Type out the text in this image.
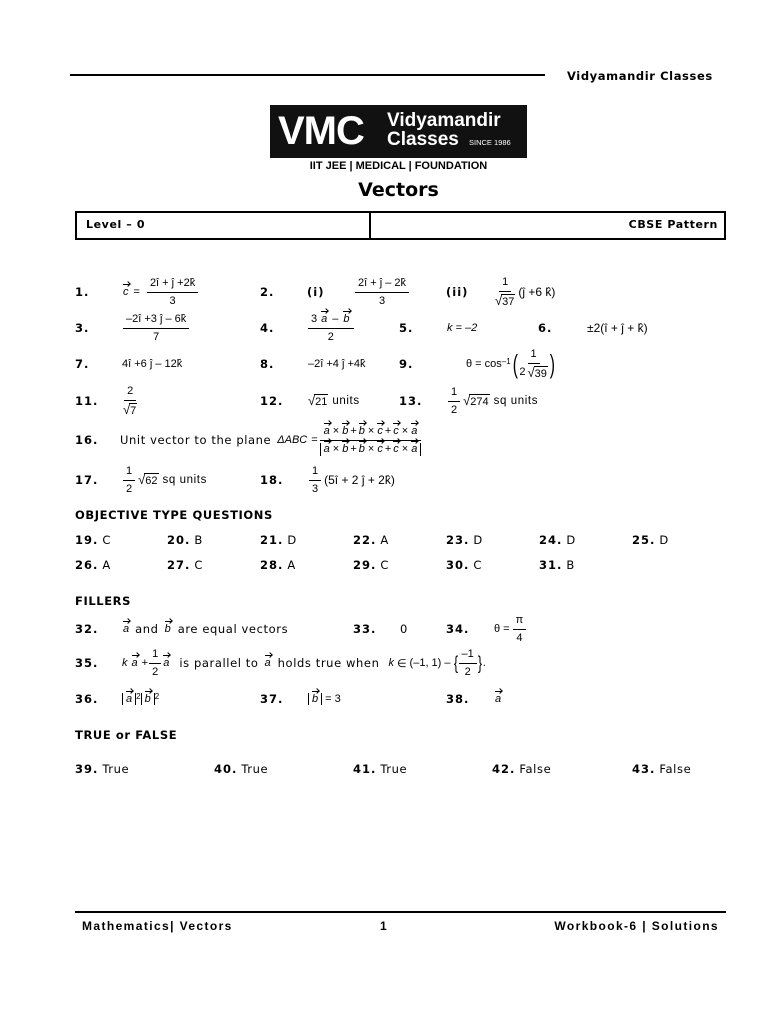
Vidyamandir Classes
VMC Vidyamandir
Classes SINCE 1986
IIT JEE | MEDICAL | FOUNDATION
Vectors
Level – 0	CBSE Pattern
1.	$c = \frac{2î + ĵ +2k̂}{3}$	2.	(i)	$\frac{2î + ĵ - 2k̂}{3}$	$(ii) \frac{1}{√ 37}$ (ĵ +6 k̂)
3.	$\frac{-2î +3 ĵ - 6k̂}{7}$	4.	$\frac{3 a - b}{2}$	5.	k = –2	6.	±2(î + ĵ + k̂)
7.	4î +6 ĵ – 12k̂	8.	–2î +4 ĵ +4k̂	9.	$\theta = \cos^{-1}$ ( $\frac{1}{2 √ 39}$ )
11. $\frac{2}{√ 7}$	12. √ 21 units	13. $\frac{1}{2}$ √ 274 sq units
16. Unit vector to the plane ΔABC =
a × b + b × c + c × a
a × b + b × c + c × a
17. $\frac{1}{2}$ √ 62 sq units	18. $\frac{1}{3}$ (5î + 2 ĵ + 2k̂)
OBJECTIVE TYPE QUESTIONS
19. C	20. B	21. D	22. A	23. D	24. D	25. D
26. A	27. C	28. A	29. C	30. C	31. B
FILLERS
32. a and b are equal vectors	33. 0	34. $\theta = \frac{\pi}{4}$
35. k $a + \frac{1}{2}$ a is parallel to a holds true when k ∈ (–1, 1) – { $\frac{-1}{2}$ } .
36.	a $^2$ b $^2$	37.	b = 3	38. a
TRUE or FALSE
39. True	40. True	41. True	42. False	43. False
Mathematics| Vectors	1	Workbook-6 | Solutions
